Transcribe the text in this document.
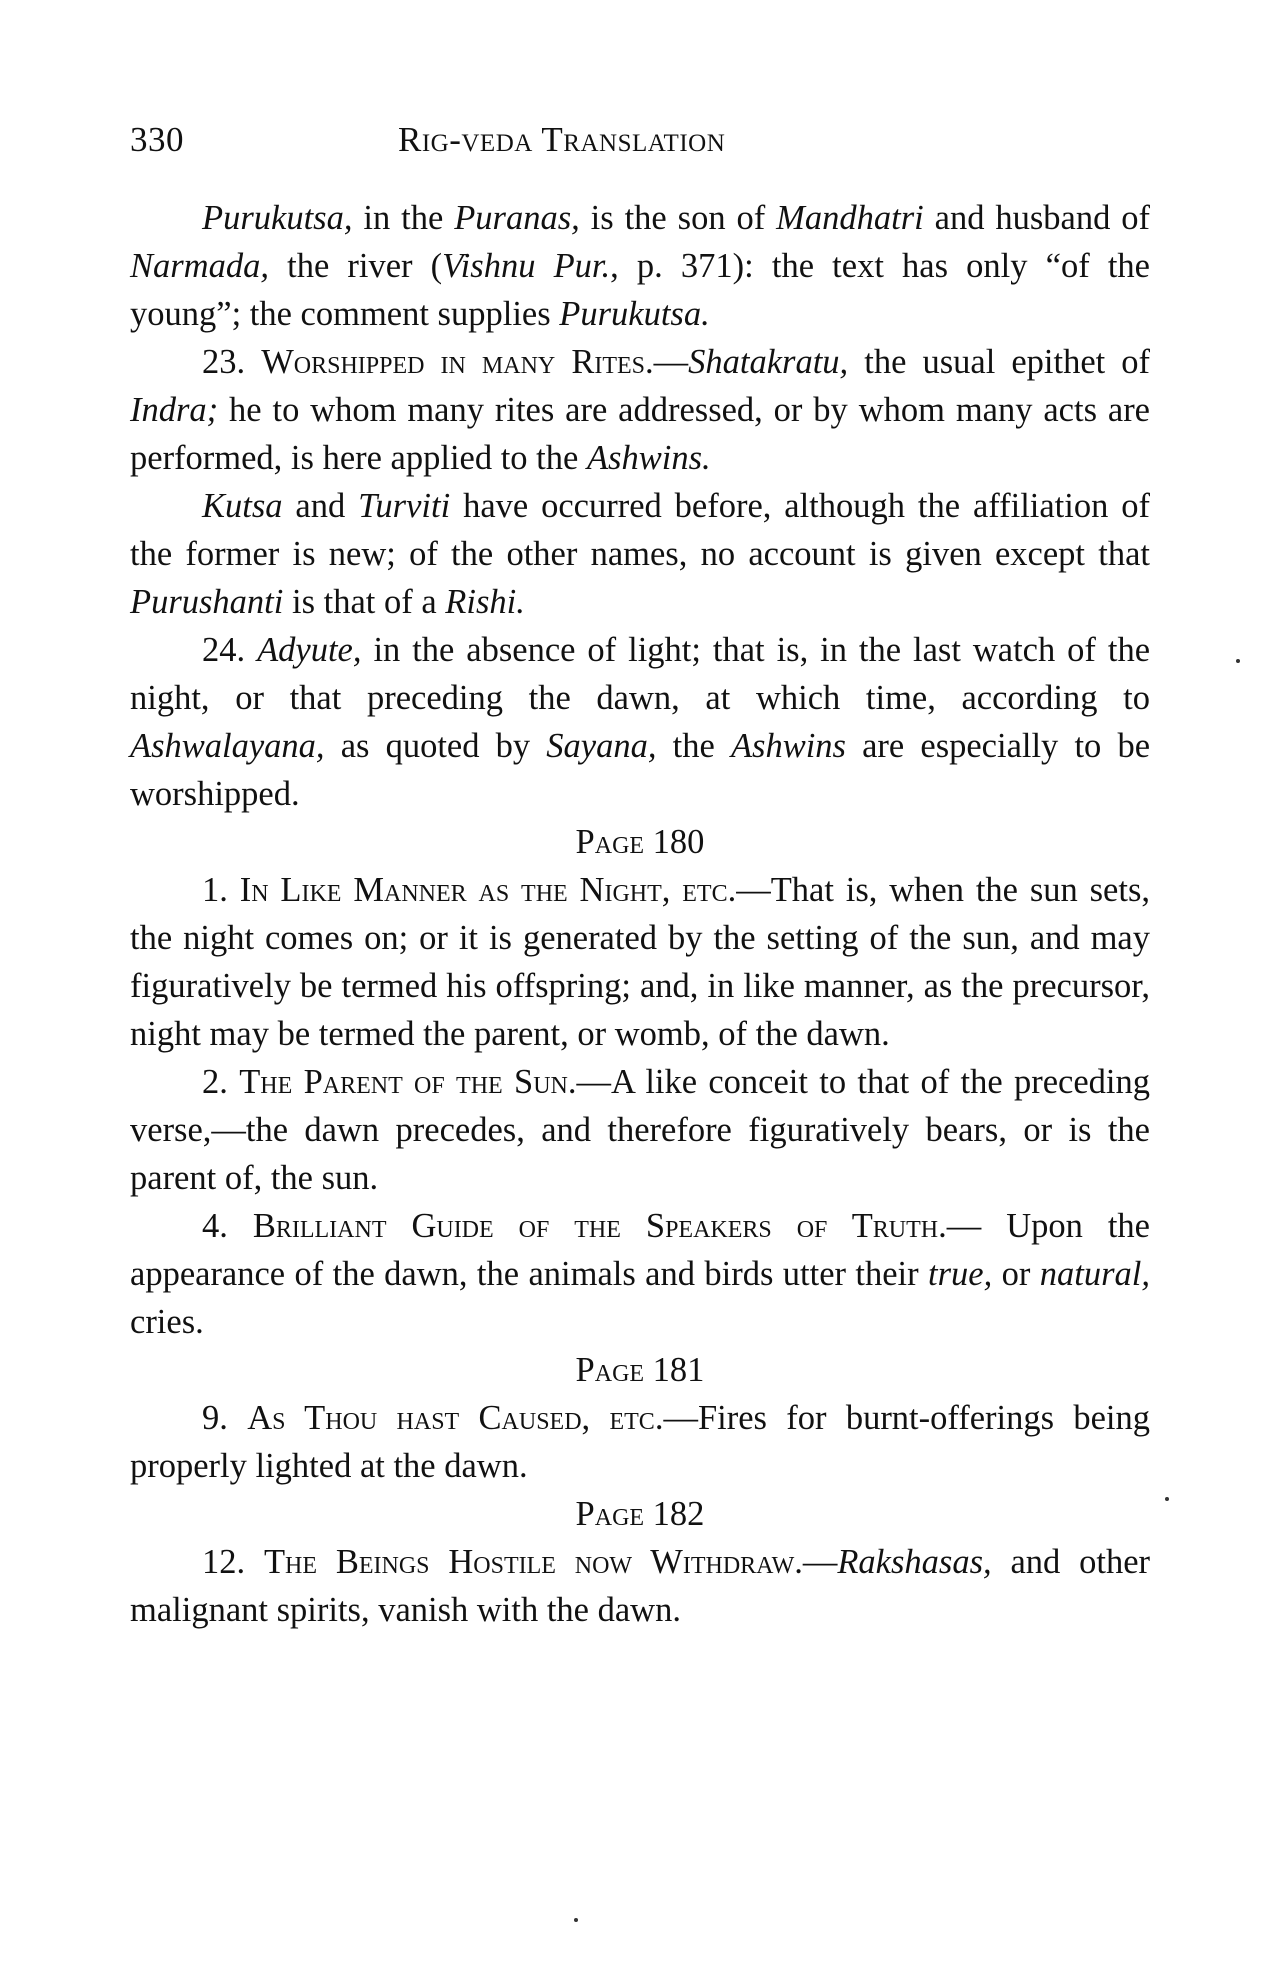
330	Rig-veda Translation

Purukutsa, in the Puranas, is the son of Mandhatri and husband of Narmada, the river (Vishnu Pur., p. 371): the text has only “of the young”; the comment supplies Purukutsa.

23. Worshipped in many Rites.—Shatakratu, the usual epithet of Indra; he to whom many rites are addressed, or by whom many acts are performed, is here applied to the Ashwins.

Kutsa and Turviti have occurred before, although the affiliation of the former is new; of the other names, no account is given except that Purushanti is that of a Rishi.

24. Adyute, in the absence of light; that is, in the last watch of the night, or that preceding the dawn, at which time, according to Ashwalayana, as quoted by Sayana, the Ashwins are especially to be worshipped.

Page 180

1. In Like Manner as the Night, etc.—That is, when the sun sets, the night comes on; or it is generated by the setting of the sun, and may figuratively be termed his offspring; and, in like manner, as the precursor, night may be termed the parent, or womb, of the dawn.

2. The Parent of the Sun.—A like conceit to that of the preceding verse,—the dawn precedes, and therefore figuratively bears, or is the parent of, the sun.

4. Brilliant Guide of the Speakers of Truth.— Upon the appearance of the dawn, the animals and birds utter their true, or natural, cries.

Page 181

9. As Thou hast Caused, etc.—Fires for burnt-offerings being properly lighted at the dawn.

Page 182

12. The Beings Hostile now Withdraw.—Rakshasas, and other malignant spirits, vanish with the dawn.
